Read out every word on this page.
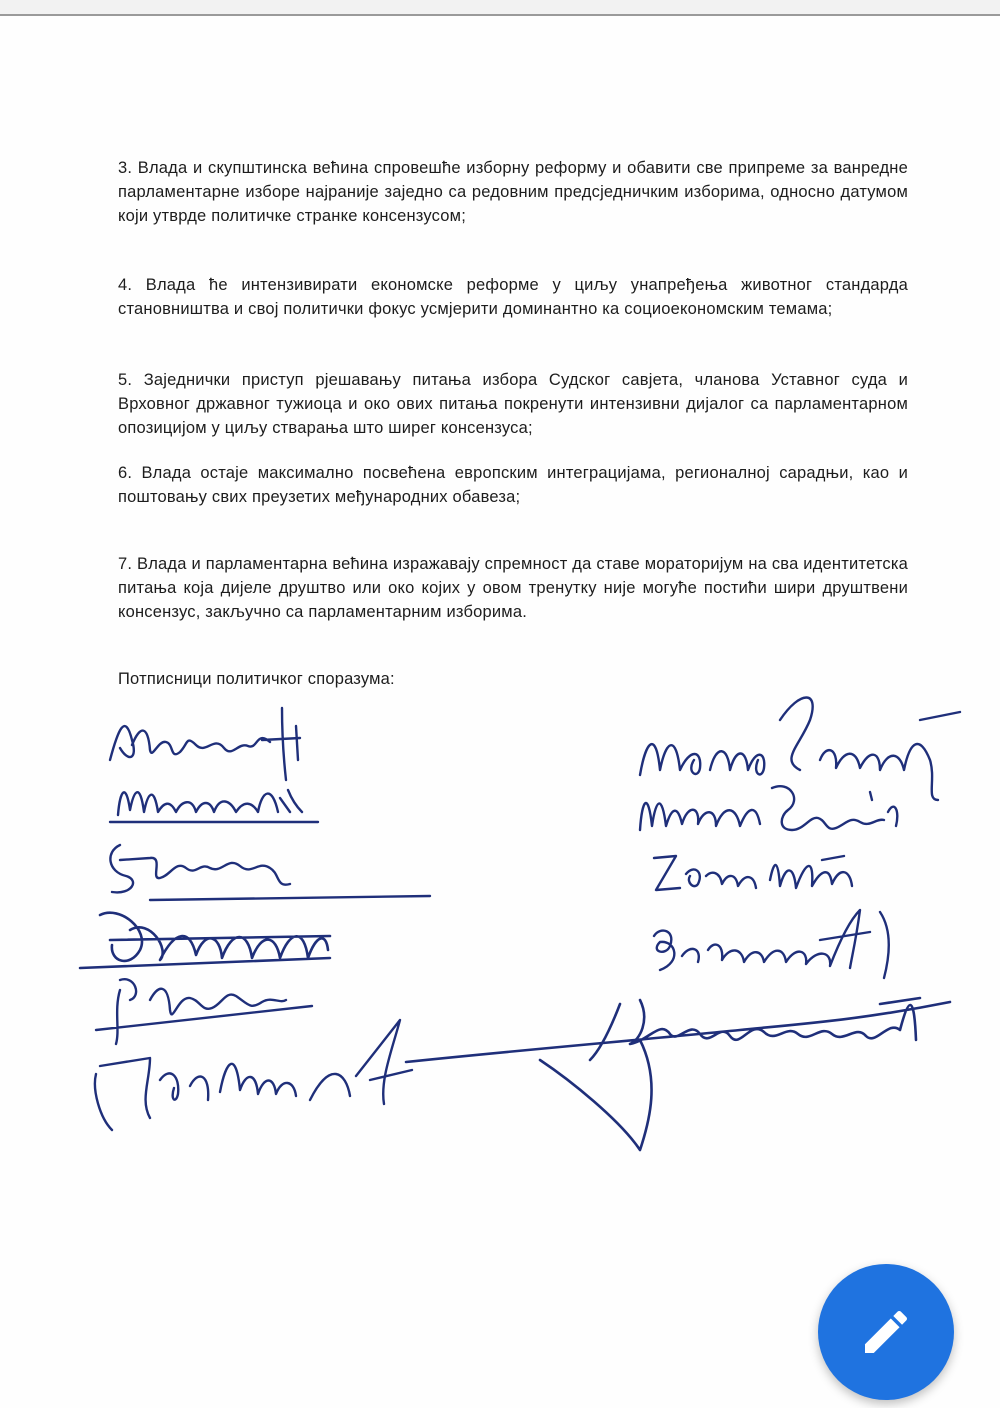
3. Влада и скупштинска већина спровешће изборну реформу и обавити све припреме за ванредне парламентарне изборе најраније заједно са редовним предсједничким изборима, односно датумом који утврде политичке странке консензусом;

4. Влада ће интензивирати економске реформе у циљу унапређења животног стандарда становништва и свој политички фокус усмјерити доминантно ка социоекономским темама;

5. Заједнички приступ рјешавању питања избора Судског савјета, чланова Уставног суда и Врховног државног тужиоца и око ових питања покренути интензивни дијалог са парламентарном опозицијом у циљу стварања што ширег консензуса;

6. Влада остаје максимално посвећена европским интеграцијама, регионалној сарадњи, као и поштовању свих преузетих међународних обавеза;

7. Влада и парламентарна већина изражавају спремност да ставе мораторијум на сва идентитетска питања која дијеле друштво или око којих у овом тренутку није могуће постићи шири друштвени консензус, закључно са парламентарним изборима.

Потписници политичког споразума:
